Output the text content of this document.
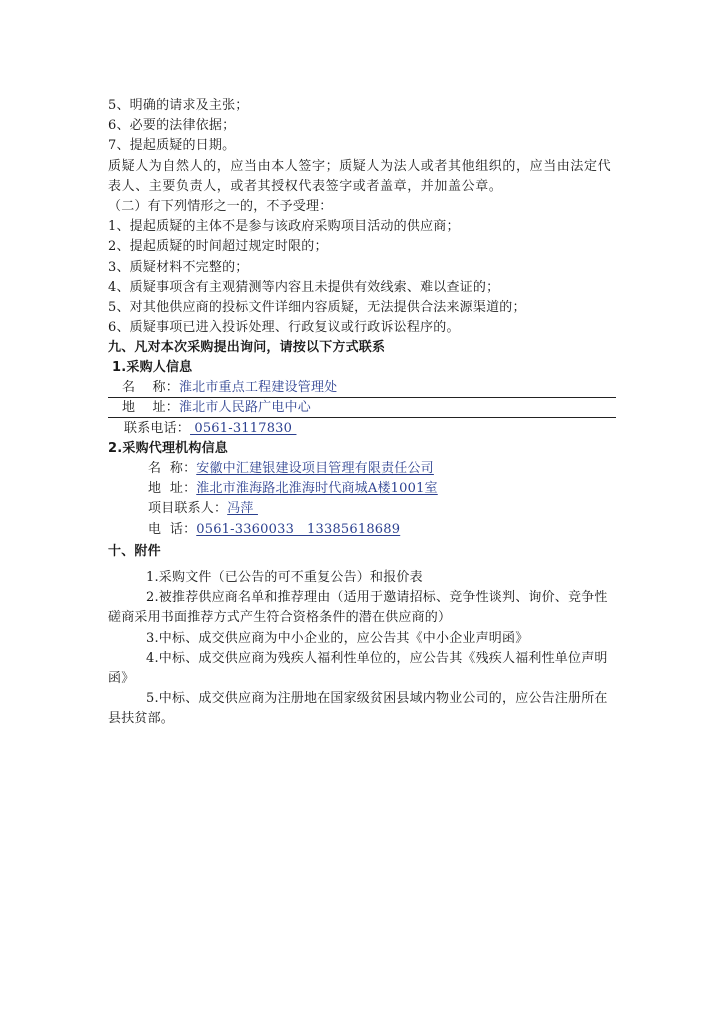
5、明确的请求及主张；
6、必要的法律依据；
7、提起质疑的日期。
质疑人为自然人的，应当由本人签字；质疑人为法人或者其他组织的，应当由法定代表人、主要负责人，或者其授权代表签字或者盖章，并加盖公章。
（二）有下列情形之一的，不予受理：
1、提起质疑的主体不是参与该政府采购项目活动的供应商；
2、提起质疑的时间超过规定时限的；
3、质疑材料不完整的；
4、质疑事项含有主观猜测等内容且未提供有效线索、难以查证的；
5、对其他供应商的投标文件详细内容质疑，无法提供合法来源渠道的；
6、质疑事项已进入投诉处理、行政复议或行政诉讼程序的。
九、凡对本次采购提出询问，请按以下方式联系
1.采购人信息
名    称：淮北市重点工程建设管理处
地    址：淮北市人民路广电中心
联系电话： 0561-3117830
2.采购代理机构信息
名  称：安徽中汇建银建设项目管理有限责任公司
地  址：淮北市淮海路北淮海时代商城A楼1001室
项目联系人：冯萍
电  话：0561-3360033   13385618689
十、附件
1.采购文件（已公告的可不重复公告）和报价表
2.被推荐供应商名单和推荐理由（适用于邀请招标、竞争性谈判、询价、竞争性磋商采用书面推荐方式产生符合资格条件的潜在供应商的）
3.中标、成交供应商为中小企业的，应公告其《中小企业声明函》
4.中标、成交供应商为残疾人福利性单位的，应公告其《残疾人福利性单位声明函》
5.中标、成交供应商为注册地在国家级贫困县域内物业公司的，应公告注册所在县扶贫部。
